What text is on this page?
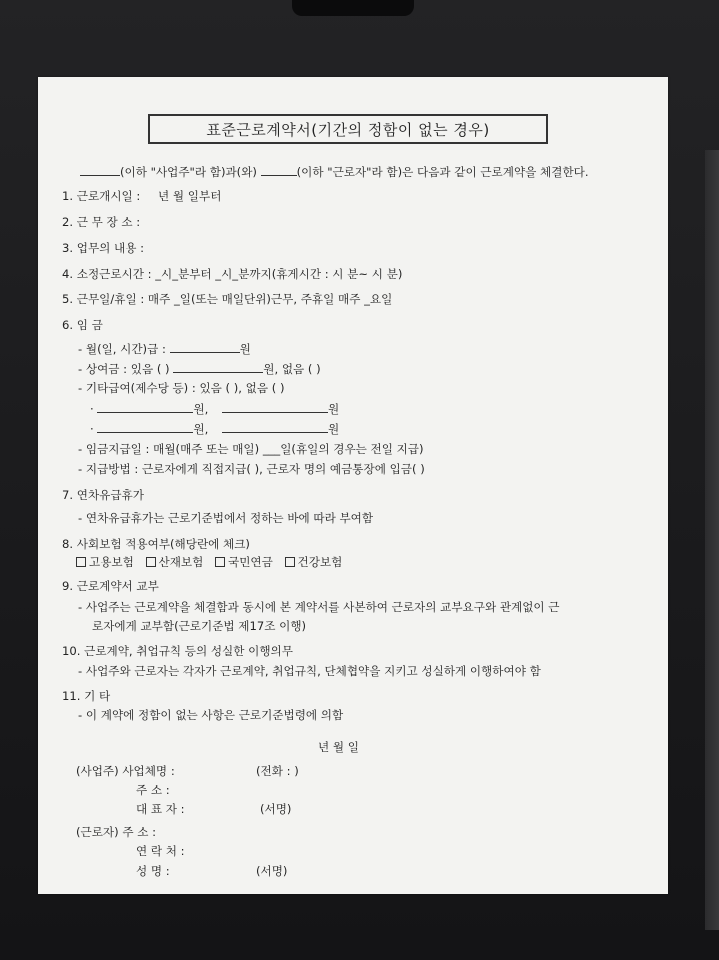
표준근로계약서(기간의 정함이 없는 경우)
(이하 "사업주"라 함)과(와)	(이하 "근로자"라 함)은 다음과 같이 근로계약을 체결한다.
1. 근로개시일 : 년 월 일부터
2. 근 무 장 소 :
3. 업무의 내용 :
4. 소정근로시간 : _시_분부터 _시_분까지(휴게시간 : 시 분~ 시 분)
5. 근무일/휴일 : 매주 _일(또는 매일단위)근무, 주휴일 매주 _요일
6. 임 금
- 월(일, 시간)급 :	원
- 상여금 : 있음 ( )	원, 없음 ( )
- 기타급여(제수당 등) : 있음 ( ), 없음 ( )
·	원,	원
·	원,	원
- 임금지급일 : 매월(매주 또는 매일) ___일(휴일의 경우는 전일 지급)
- 지급방법 : 근로자에게 직접지급( ), 근로자 명의 예금통장에 입금( )
7. 연차유급휴가
- 연차유급휴가는 근로기준법에서 정하는 바에 따라 부여함
8. 사회보험 적용여부(해당란에 체크)
고용보험 산재보험 국민연금 건강보험
9. 근로계약서 교부
- 사업주는 근로계약을 체결함과 동시에 본 계약서를 사본하여 근로자의 교부요구와 관계없이 근
로자에게 교부함(근로기준법 제17조 이행)
10. 근로계약, 취업규칙 등의 성실한 이행의무
- 사업주와 근로자는 각자가 근로계약, 취업규칙, 단체협약을 지키고 성실하게 이행하여야 함
11. 기 타
- 이 계약에 정함이 없는 사항은 근로기준법령에 의함
년 월 일
(사업주) 사업체명 :	(전화 : )
주 소 :
대 표 자 :	(서명)
(근로자) 주 소 :
연 락 처 :
성 명 :	(서명)
